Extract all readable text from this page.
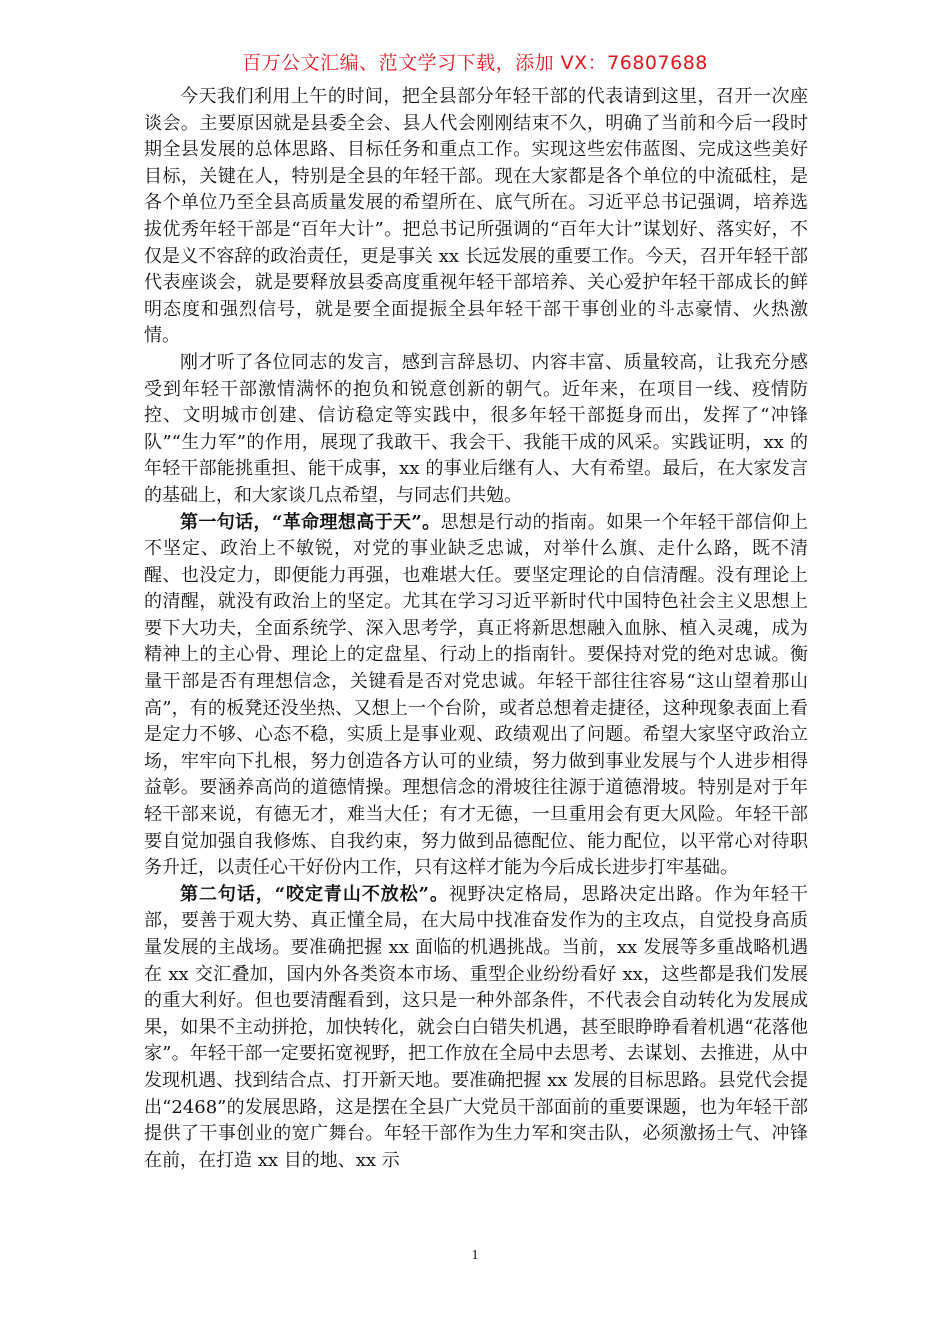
百万公文汇编、范文学习下载，添加 VX：76807688

今天我们利用上午的时间，把全县部分年轻干部的代表请到这里，召开一次座谈会。主要原因就是县委全会、县人代会刚刚结束不久，明确了当前和今后一段时期全县发展的总体思路、目标任务和重点工作。实现这些宏伟蓝图、完成这些美好目标，关键在人，特别是全县的年轻干部。现在大家都是各个单位的中流砥柱，是各个单位乃至全县高质量发展的希望所在、底气所在。习近平总书记强调，培养选拔优秀年轻干部是“百年大计”。把总书记所强调的“百年大计”谋划好、落实好，不仅是义不容辞的政治责任，更是事关 xx 长远发展的重要工作。今天，召开年轻干部代表座谈会，就是要释放县委高度重视年轻干部培养、关心爱护年轻干部成长的鲜明态度和强烈信号，就是要全面提振全县年轻干部干事创业的斗志豪情、火热激情。

刚才听了各位同志的发言，感到言辞恳切、内容丰富、质量较高，让我充分感受到年轻干部激情满怀的抱负和锐意创新的朝气。近年来，在项目一线、疫情防控、文明城市创建、信访稳定等实践中，很多年轻干部挺身而出，发挥了“冲锋队”“生力军”的作用，展现了我敢干、我会干、我能干成的风采。实践证明，xx 的年轻干部能挑重担、能干成事，xx 的事业后继有人、大有希望。最后，在大家发言的基础上，和大家谈几点希望，与同志们共勉。

第一句话，“革命理想高于天”。思想是行动的指南。如果一个年轻干部信仰上不坚定、政治上不敏锐，对党的事业缺乏忠诚，对举什么旗、走什么路，既不清醒、也没定力，即便能力再强，也难堪大任。要坚定理论的自信清醒。没有理论上的清醒，就没有政治上的坚定。尤其在学习习近平新时代中国特色社会主义思想上要下大功夫，全面系统学、深入思考学，真正将新思想融入血脉、植入灵魂，成为精神上的主心骨、理论上的定盘星、行动上的指南针。要保持对党的绝对忠诚。衡量干部是否有理想信念，关键看是否对党忠诚。年轻干部往往容易“这山望着那山高”，有的板凳还没坐热、又想上一个台阶，或者总想着走捷径，这种现象表面上看是定力不够、心态不稳，实质上是事业观、政绩观出了问题。希望大家坚守政治立场，牢牢向下扎根，努力创造各方认可的业绩，努力做到事业发展与个人进步相得益彰。要涵养高尚的道德情操。理想信念的滑坡往往源于道德滑坡。特别是对于年轻干部来说，有德无才，难当大任；有才无德，一旦重用会有更大风险。年轻干部要自觉加强自我修炼、自我约束，努力做到品德配位、能力配位，以平常心对待职务升迁，以责任心干好份内工作，只有这样才能为今后成长进步打牢基础。

第二句话，“咬定青山不放松”。视野决定格局，思路决定出路。作为年轻干部，要善于观大势、真正懂全局，在大局中找准奋发作为的主攻点，自觉投身高质量发展的主战场。要准确把握 xx 面临的机遇挑战。当前，xx 发展等多重战略机遇在 xx 交汇叠加，国内外各类资本市场、重型企业纷纷看好 xx，这些都是我们发展的重大利好。但也要清醒看到，这只是一种外部条件，不代表会自动转化为发展成果，如果不主动拼抢，加快转化，就会白白错失机遇，甚至眼睁睁看着机遇“花落他家”。年轻干部一定要拓宽视野，把工作放在全局中去思考、去谋划、去推进，从中发现机遇、找到结合点、打开新天地。要准确把握 xx 发展的目标思路。县党代会提出“2468”的发展思路，这是摆在全县广大党员干部面前的重要课题，也为年轻干部提供了干事创业的宽广舞台。年轻干部作为生力军和突击队，必须激扬士气、冲锋在前，在打造 xx 目的地、xx 示

1
